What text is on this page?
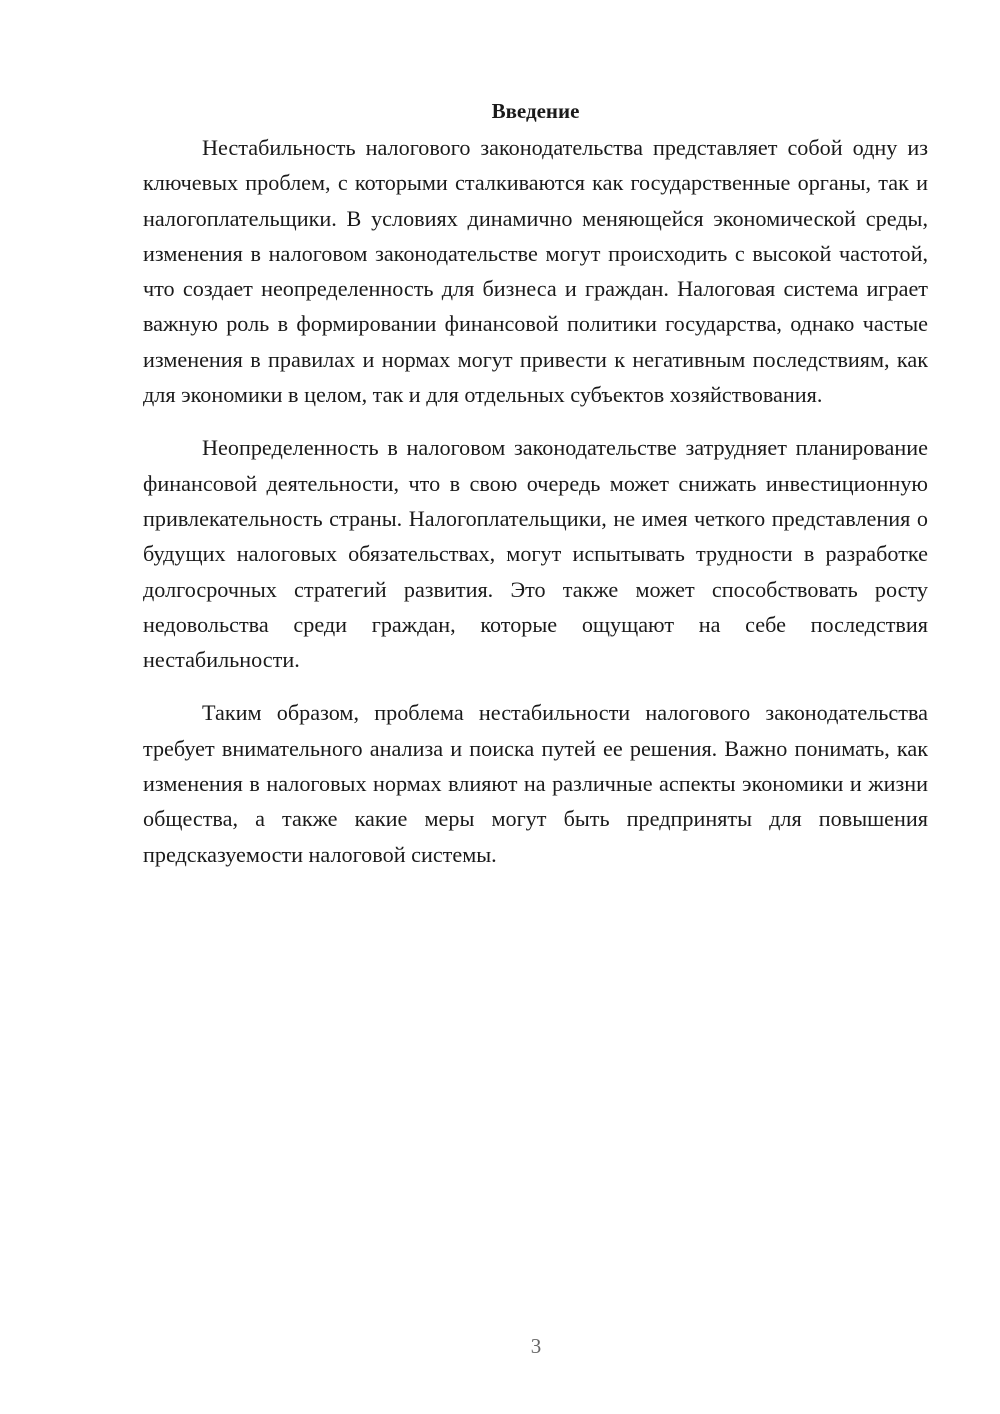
Введение

Нестабильность налогового законодательства представляет собой одну из ключевых проблем, с которыми сталкиваются как государственные органы, так и налогоплательщики. В условиях динамично меняющейся экономической среды, изменения в налоговом законодательстве могут происходить с высокой частотой, что создает неопределенность для бизнеса и граждан. Налоговая система играет важную роль в формировании финансовой политики государства, однако частые изменения в правилах и нормах могут привести к негативным последствиям, как для экономики в целом, так и для отдельных субъектов хозяйствования.

Неопределенность в налоговом законодательстве затрудняет планирование финансовой деятельности, что в свою очередь может снижать инвестиционную привлекательность страны. Налогоплательщики, не имея четкого представления о будущих налоговых обязательствах, могут испытывать трудности в разработке долгосрочных стратегий развития. Это также может способствовать росту недовольства среди граждан, которые ощущают на себе последствия нестабильности.

Таким образом, проблема нестабильности налогового законодательства требует внимательного анализа и поиска путей ее решения. Важно понимать, как изменения в налоговых нормах влияют на различные аспекты экономики и жизни общества, а также какие меры могут быть предприняты для повышения предсказуемости налоговой системы.

3
